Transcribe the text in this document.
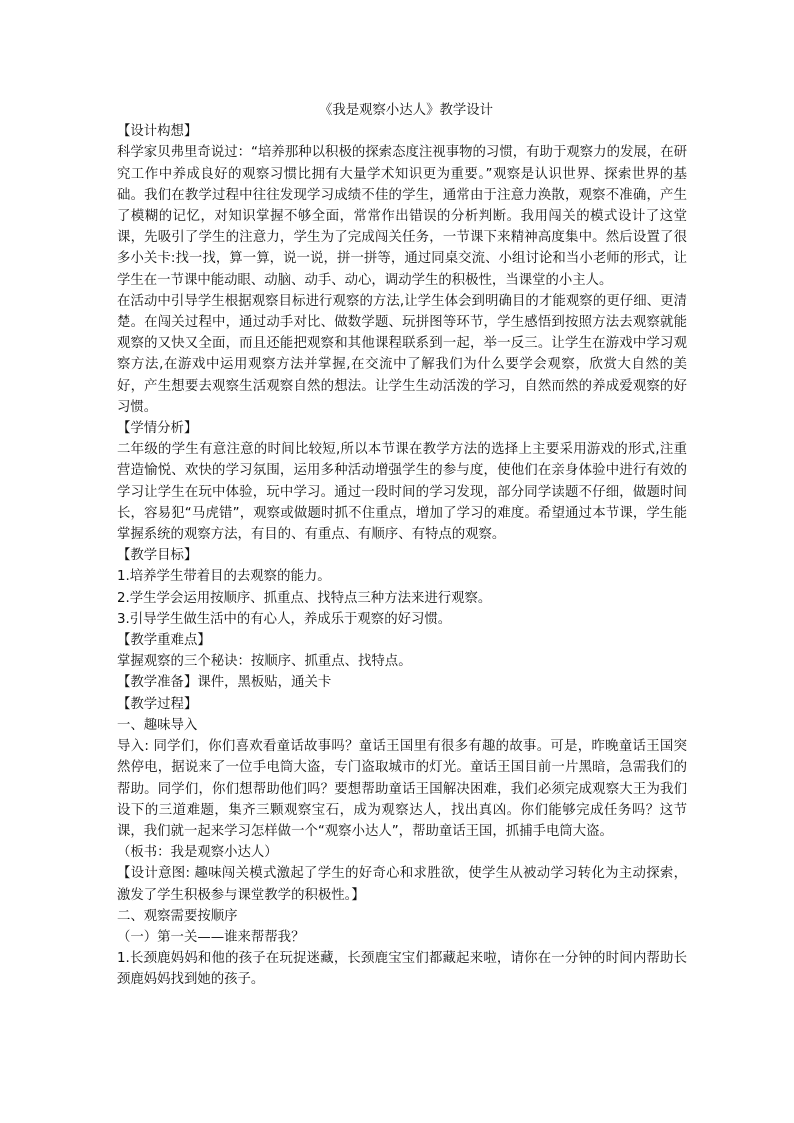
《我是观察小达人》教学设计

【设计构想】

科学家贝弗里奇说过：“培养那种以积极的探索态度注视事物的习惯，有助于观察力的发展，在研究工作中养成良好的观察习惯比拥有大量学术知识更为重要。”观察是认识世界、探索世界的基础。我们在教学过程中往往发现学习成绩不佳的学生，通常由于注意力涣散，观察不准确，产生了模糊的记忆，对知识掌握不够全面，常常作出错误的分析判断。我用闯关的模式设计了这堂课，先吸引了学生的注意力，学生为了完成闯关任务，一节课下来精神高度集中。然后设置了很多小关卡:找一找，算一算，说一说，拼一拼等，通过同桌交流、小组讨论和当小老师的形式，让学生在一节课中能动眼、动脑、动手、动心，调动学生的积极性，当课堂的小主人。

在活动中引导学生根据观察目标进行观察的方法,让学生体会到明确目的才能观察的更仔细、更清楚。在闯关过程中，通过动手对比、做数学题、玩拼图等环节，学生感悟到按照方法去观察就能观察的又快又全面，而且还能把观察和其他课程联系到一起，举一反三。让学生在游戏中学习观察方法,在游戏中运用观察方法并掌握,在交流中了解我们为什么要学会观察，欣赏大自然的美好，产生想要去观察生活观察自然的想法。让学生生动活泼的学习，自然而然的养成爱观察的好习惯。

【学情分析】

二年级的学生有意注意的时间比较短,所以本节课在教学方法的选择上主要采用游戏的形式,注重营造愉悦、欢快的学习氛围，运用多种活动增强学生的参与度，使他们在亲身体验中进行有效的学习让学生在玩中体验，玩中学习。通过一段时间的学习发现，部分同学读题不仔细，做题时间长，容易犯“马虎错”，观察或做题时抓不住重点，增加了学习的难度。希望通过本节课，学生能掌握系统的观察方法，有目的、有重点、有顺序、有特点的观察。

【教学目标】

1.培养学生带着目的去观察的能力。

2.学生学会运用按顺序、抓重点、找特点三种方法来进行观察。

3.引导学生做生活中的有心人，养成乐于观察的好习惯。

【教学重难点】

掌握观察的三个秘诀：按顺序、抓重点、找特点。

【教学准备】课件，黑板贴，通关卡

【教学过程】

一、趣味导入

导入: 同学们，你们喜欢看童话故事吗？童话王国里有很多有趣的故事。可是，昨晚童话王国突然停电，据说来了一位手电筒大盗，专门盗取城市的灯光。童话王国目前一片黑暗，急需我们的帮助。同学们，你们想帮助他们吗？要想帮助童话王国解决困难，我们必须完成观察大王为我们设下的三道难题，集齐三颗观察宝石，成为观察达人，找出真凶。你们能够完成任务吗？这节课，我们就一起来学习怎样做一个“观察小达人”，帮助童话王国，抓捕手电筒大盗。

（板书：我是观察小达人）

【设计意图: 趣味闯关模式激起了学生的好奇心和求胜欲，使学生从被动学习转化为主动探索，激发了学生积极参与课堂教学的积极性。】

二、观察需要按顺序

（一）第一关——谁来帮帮我？

1.长颈鹿妈妈和他的孩子在玩捉迷藏，长颈鹿宝宝们都藏起来啦，请你在一分钟的时间内帮助长颈鹿妈妈找到她的孩子。
